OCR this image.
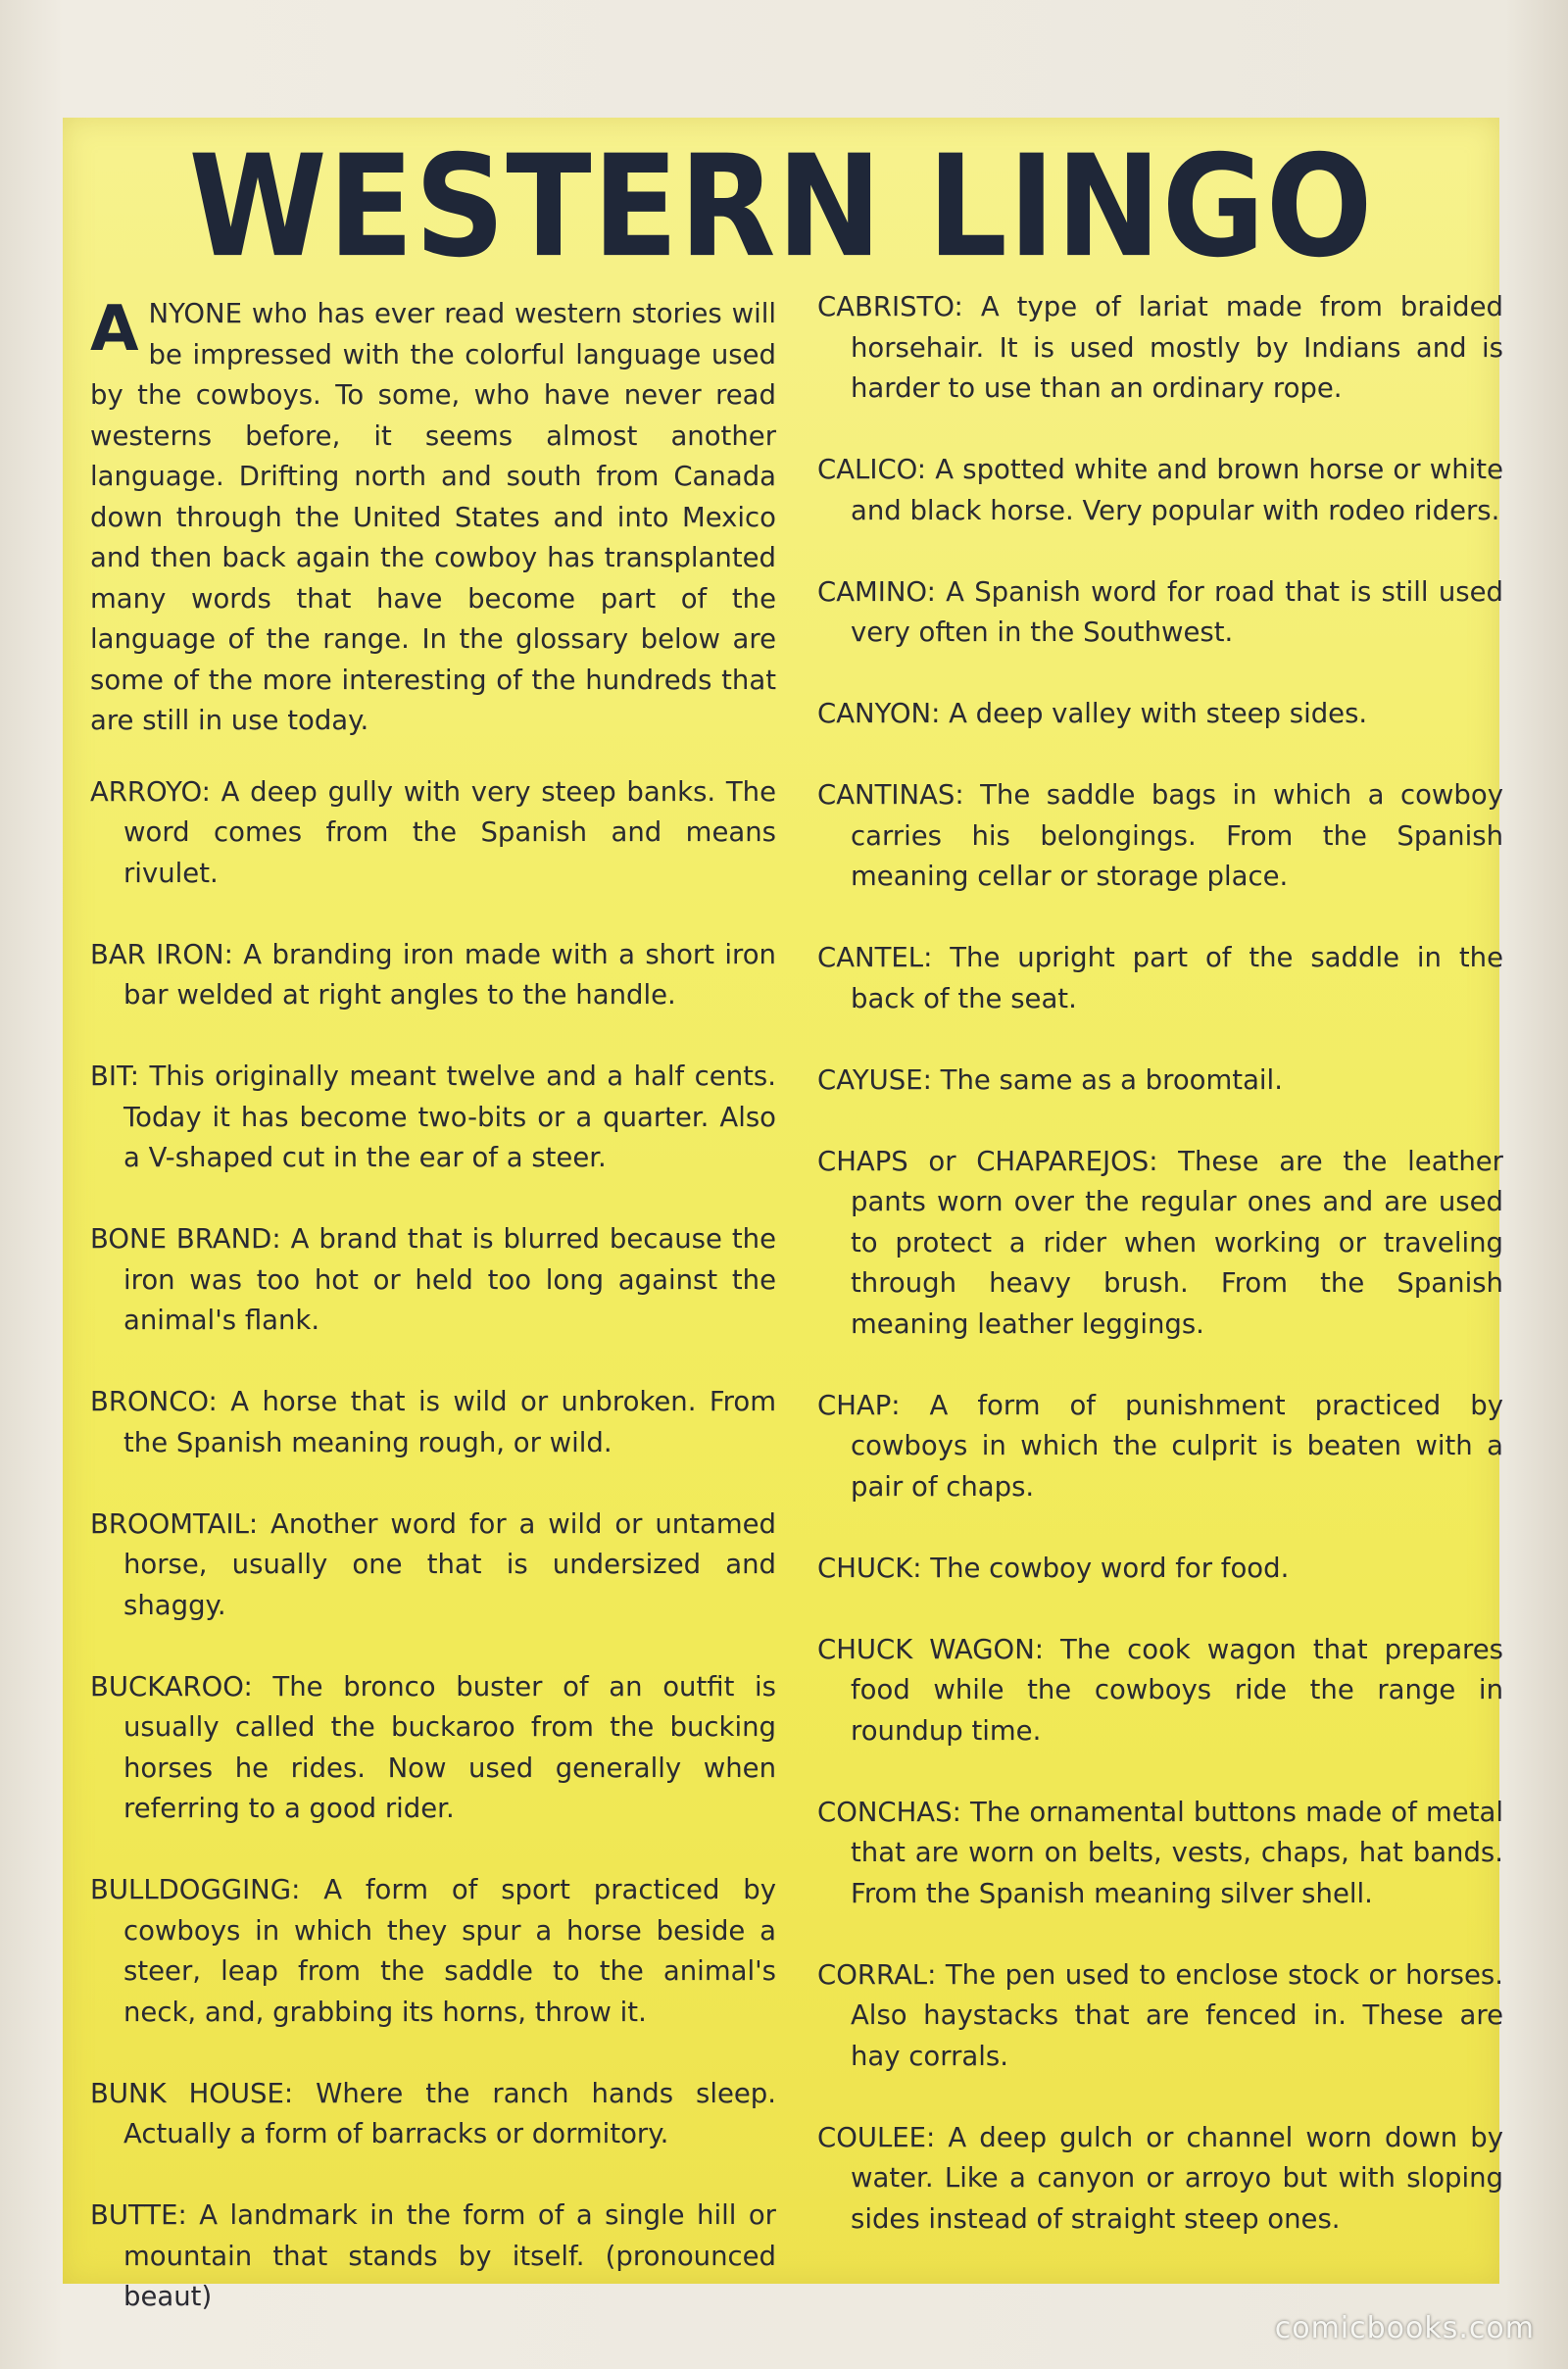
WESTERN LINGO

ANYONE who has ever read western stories will be impressed with the colorful language used by the cowboys. To some, who have never read westerns before, it seems almost another language. Drifting north and south from Canada down through the United States and into Mexico and then back again the cowboy has transplanted many words that have become part of the language of the range. In the glossary below are some of the more interesting of the hundreds that are still in use today.

ARROYO: A deep gully with very steep banks. The word comes from the Spanish and means rivulet.

BAR IRON: A branding iron made with a short iron bar welded at right angles to the handle.

BIT: This originally meant twelve and a half cents. Today it has become two-bits or a quarter. Also a V-shaped cut in the ear of a steer.

BONE BRAND: A brand that is blurred because the iron was too hot or held too long against the animal's flank.

BRONCO: A horse that is wild or unbroken. From the Spanish meaning rough, or wild.

BROOMTAIL: Another word for a wild or untamed horse, usually one that is undersized and shaggy.

BUCKAROO: The bronco buster of an outfit is usually called the buckaroo from the bucking horses he rides. Now used generally when referring to a good rider.

BULLDOGGING: A form of sport practiced by cowboys in which they spur a horse beside a steer, leap from the saddle to the animal's neck, and, grabbing its horns, throw it.

BUNK HOUSE: Where the ranch hands sleep. Actually a form of barracks or dormitory.

BUTTE: A landmark in the form of a single hill or mountain that stands by itself. (pronounced beaut)

CABRISTO: A type of lariat made from braided horsehair. It is used mostly by Indians and is harder to use than an ordinary rope.

CALICO: A spotted white and brown horse or white and black horse. Very popular with rodeo riders.

CAMINO: A Spanish word for road that is still used very often in the Southwest.

CANYON: A deep valley with steep sides.

CANTINAS: The saddle bags in which a cowboy carries his belongings. From the Spanish meaning cellar or storage place.

CANTEL: The upright part of the saddle in the back of the seat.

CAYUSE: The same as a broomtail.

CHAPS or CHAPAREJOS: These are the leather pants worn over the regular ones and are used to protect a rider when working or traveling through heavy brush. From the Spanish meaning leather leggings.

CHAP: A form of punishment practiced by cowboys in which the culprit is beaten with a pair of chaps.

CHUCK: The cowboy word for food.

CHUCK WAGON: The cook wagon that prepares food while the cowboys ride the range in roundup time.

CONCHAS: The ornamental buttons made of metal that are worn on belts, vests, chaps, hat bands. From the Spanish meaning silver shell.

CORRAL: The pen used to enclose stock or horses. Also haystacks that are fenced in. These are hay corrals.

COULEE: A deep gulch or channel worn down by water. Like a canyon or arroyo but with sloping sides instead of straight steep ones.

comicbooks.com
